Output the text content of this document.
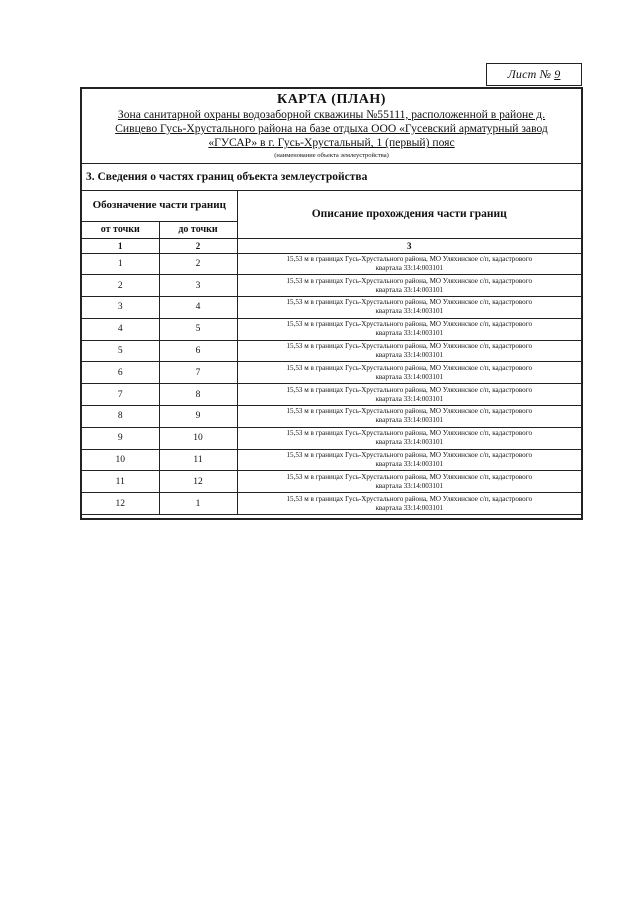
Лист № 9
КАРТА (ПЛАН)
Зона санитарной охраны водозаборной скважины №55111, расположенной в районе д.
Сивцево Гусь-Хрустального района на базе отдыха ООО «Гусевский арматурный завод
«ГУСАР» в г. Гусь-Хрустальный, 1 (первый) пояс
(наименование объекта землеустройства)
3. Сведения о частях границ объекта землеустройства
Обозначение части границ		Описание прохождения части границ
от точки	до точки	
1	2	3
1	2	15,53 м в границах Гусь-Хрустального района, МО Уляхинское с/п, кадастрового
квартала 33:14:003101

2	3	15,53 м в границах Гусь-Хрустального района, МО Уляхинское с/п, кадастрового
квартала 33:14:003101

3	4	15,53 м в границах Гусь-Хрустального района, МО Уляхинское с/п, кадастрового
квартала 33:14:003101

4	5	15,53 м в границах Гусь-Хрустального района, МО Уляхинское с/п, кадастрового
квартала 33:14:003101

5	6	15,53 м в границах Гусь-Хрустального района, МО Уляхинское с/п, кадастрового
квартала 33:14:003101

6	7	15,53 м в границах Гусь-Хрустального района, МО Уляхинское с/п, кадастрового
квартала 33:14:003101

7	8	15,53 м в границах Гусь-Хрустального района, МО Уляхинское с/п, кадастрового
квартала 33:14:003101

8	9	15,53 м в границах Гусь-Хрустального района, МО Уляхинское с/п, кадастрового
квартала 33:14:003101

9	10	15,53 м в границах Гусь-Хрустального района, МО Уляхинское с/п, кадастрового
квартала 33:14:003101

10	11	15,53 м в границах Гусь-Хрустального района, МО Уляхинское с/п, кадастрового
квартала 33:14:003101

11	12	15,53 м в границах Гусь-Хрустального района, МО Уляхинское с/п, кадастрового
квартала 33:14:003101

12	1	15,53 м в границах Гусь-Хрустального района, МО Уляхинское с/п, кадастрового
квартала 33:14:003101
